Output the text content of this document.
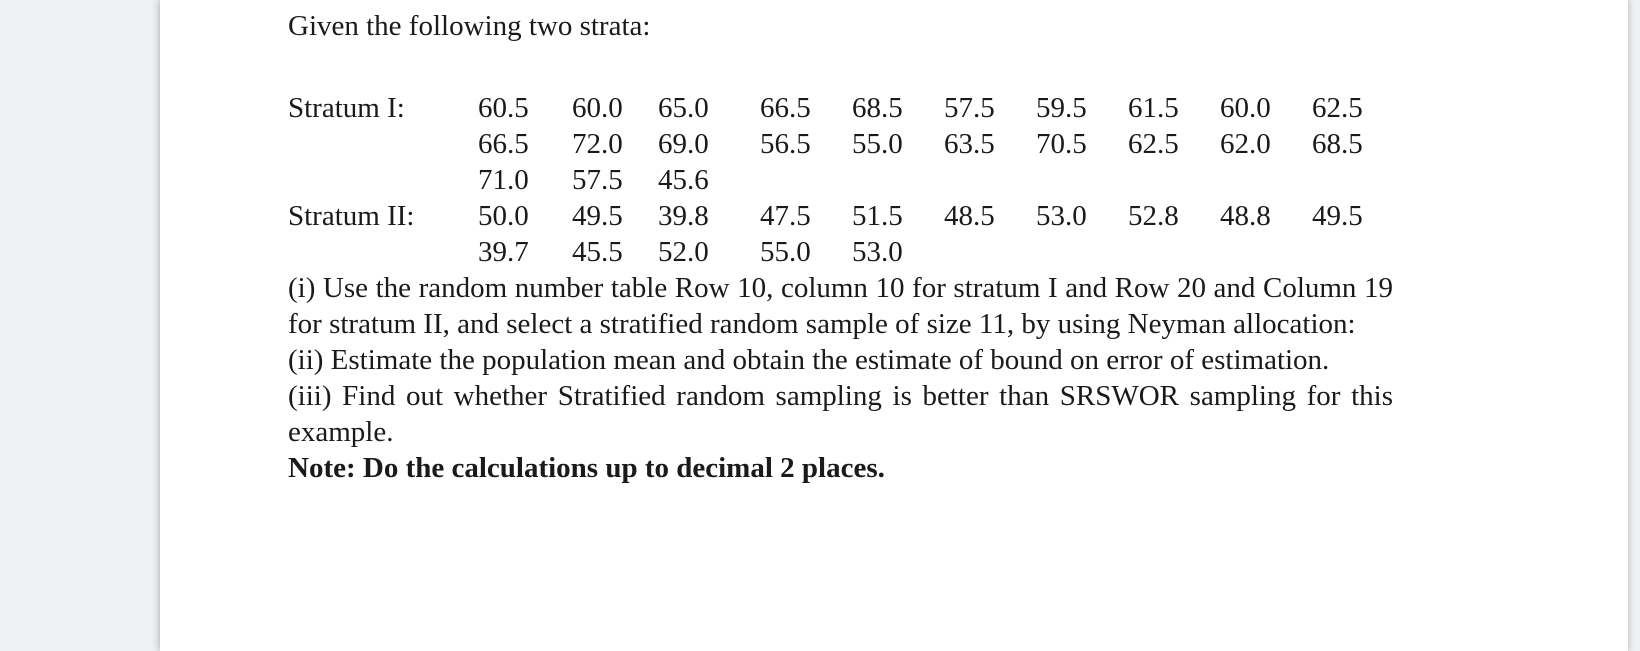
Given the following two strata:
Stratum I:	60.5 60.0 65.0 66.5 68.5 57.5 59.5 61.5 60.0 62.5
66.5 72.0 69.0 56.5 55.0 63.5 70.5 62.5 62.0 68.5
71.0 57.5 45.6
Stratum II: 50.0 49.5 39.8 47.5 51.5 48.5 53.0 52.8 48.8 49.5
39.7 45.5 52.0 55.0 53.0

(i) Use the random number table Row 10, column 10 for stratum I and Row 20 and Column 19 for stratum II, and select a stratified random sample of size 11, by using Neyman allocation:

(ii) Estimate the population mean and obtain the estimate of bound on error of estimation.

(iii) Find out whether Stratified random sampling is better than SRSWOR sampling for this example.

Note: Do the calculations up to decimal 2 places.
